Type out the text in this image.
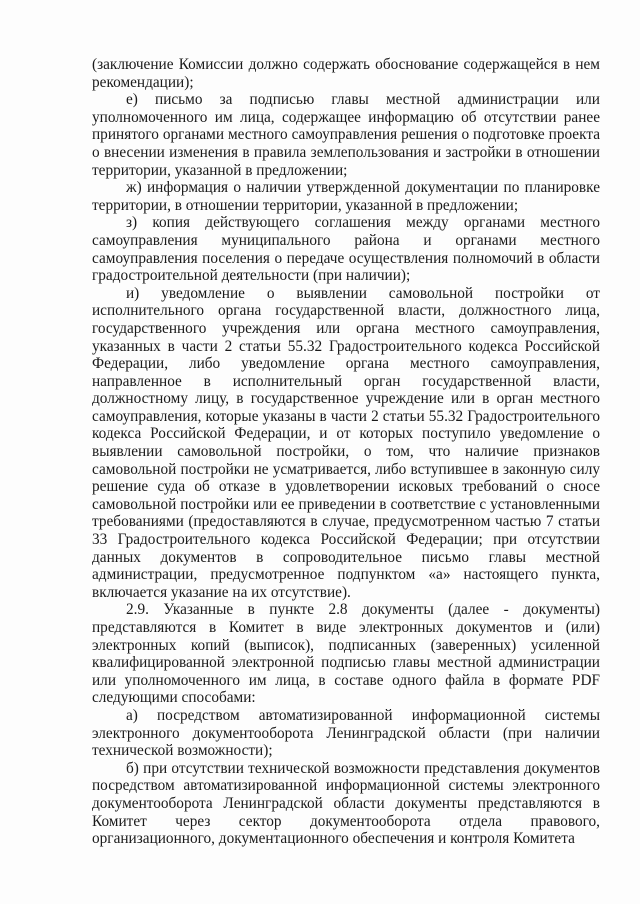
(заключение Комиссии должно содержать обоснование содержащейся в нем рекомендации);

е) письмо за подписью главы местной администрации или уполномоченного им лица, содержащее информацию об отсутствии ранее принятого органами местного самоуправления решения о подготовке проекта о внесении изменения в правила землепользования и застройки в отношении территории, указанной в предложении;

ж) информация о наличии утвержденной документации по планировке территории, в отношении территории, указанной в предложении;

з) копия действующего соглашения между органами местного самоуправления муниципального района и органами местного самоуправления поселения о передаче осуществления полномочий в области градостроительной деятельности (при наличии);

и) уведомление о выявлении самовольной постройки от исполнительного органа государственной власти, должностного лица, государственного учреждения или органа местного самоуправления, указанных в части 2 статьи 55.32 Градостроительного кодекса Российской Федерации, либо уведомление органа местного самоуправления, направленное в исполнительный орган государственной власти, должностному лицу, в государственное учреждение или в орган местного самоуправления, которые указаны в части 2 статьи 55.32 Градостроительного кодекса Российской Федерации, и от которых поступило уведомление о выявлении самовольной постройки, о том, что наличие признаков самовольной постройки не усматривается, либо вступившее в законную силу решение суда об отказе в удовлетворении исковых требований о сносе самовольной постройки или ее приведении в соответствие с установленными требованиями (предоставляются в случае, предусмотренном частью 7 статьи 33 Градостроительного кодекса Российской Федерации; при отсутствии данных документов в сопроводительное письмо главы местной администрации, предусмотренное подпунктом «а» настоящего пункта, включается указание на их отсутствие).

2.9. Указанные в пункте 2.8 документы (далее - документы) представляются в Комитет в виде электронных документов и (или) электронных копий (выписок), подписанных (заверенных) усиленной квалифицированной электронной подписью главы местной администрации или уполномоченного им лица, в составе одного файла в формате PDF следующими способами:

а) посредством автоматизированной информационной системы электронного документооборота Ленинградской области (при наличии технической возможности);

б) при отсутствии технической возможности представления документов посредством автоматизированной информационной системы электронного документооборота Ленинградской области документы представляются в Комитет через сектор документооборота отдела правового, организационного, документационного обеспечения и контроля Комитета
